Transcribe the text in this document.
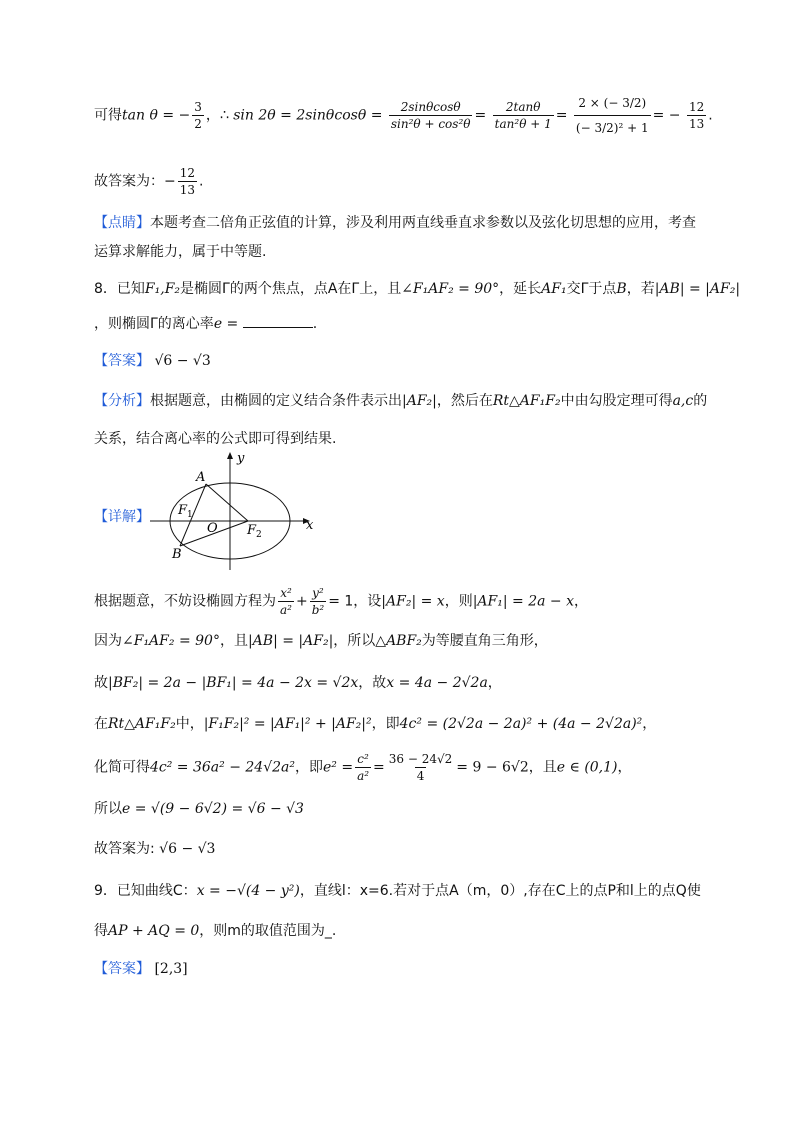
可得tan θ = − $\frac{3}{2}$ ，∴ $\sin 2\theta = 2\sin\theta\cos\theta = \frac{2\sin\theta\cos\theta}{\text{sin²θ + cos²θ}} = \frac{2\tan\theta}{\text{tan²θ + 1}} = \frac{2 \times (- 3/2)}{\text{(− 3/2)² + 1}}$ = − $\frac{12}{13}$ .
故答案为：− $\frac{12}{13}$ .
【点睛】本题考查二倍角正弦值的计算，涉及利用两直线垂直求参数以及弦化切思想的应用，考查
运算求解能力，属于中等题.
8．已知F₁,F₂是椭圆Γ的两个焦点，点A在Γ上，且∠F₁AF₂ = 90°，延长AF₁交Γ于点B，若|AB| = |AF₂|
，则椭圆Γ的离心率e =	.
【答案】 √6 − √3
【分析】根据题意，由椭圆的定义结合条件表示出|AF₂|，然后在Rt△AF₁F₂中由勾股定理可得a,c的
关系，结合离心率的公式即可得到结果.
【详解】
y
x
A
B
O
F 1
F 2
根据题意，不妨设椭圆方程为 $\frac{\text{x²}}{\text{a²}} + \frac{\text{y²}}{\text{b²}} = 1$，设|AF₂| = x，则|AF₁| = 2a − x，
因为∠F₁AF₂ = 90°，且|AB| = |AF₂|，所以△ABF₂为等腰直角三角形，
故|BF₂| = 2a − |BF₁| = 4a − 2x = √2x，故x = 4a − 2√2a，
在Rt△AF₁F₂中，|F₁F₂|² = |AF₁|² + |AF₂|²，即4c² = (2√2a − 2a)² + (4a − 2√2a)²，
化简可得4c² = 36a² − 24√2a²，即$e^2 = \frac{\text{c²}}{\text{a²}} = \frac{36 - 24√2}{4} = 9 - 6√2$，且e ∈ (0,1)，
所以e = √(9 − 6√2) = √6 − √3
故答案为: √6 − √3
9．已知曲线C：x = −√(4 − y²)，直线l：x=6.若对于点A（m，0）,存在C上的点P和l上的点Q使
得AP + AQ = 0，则m的取值范围为_.
【答案】 [2,3]
